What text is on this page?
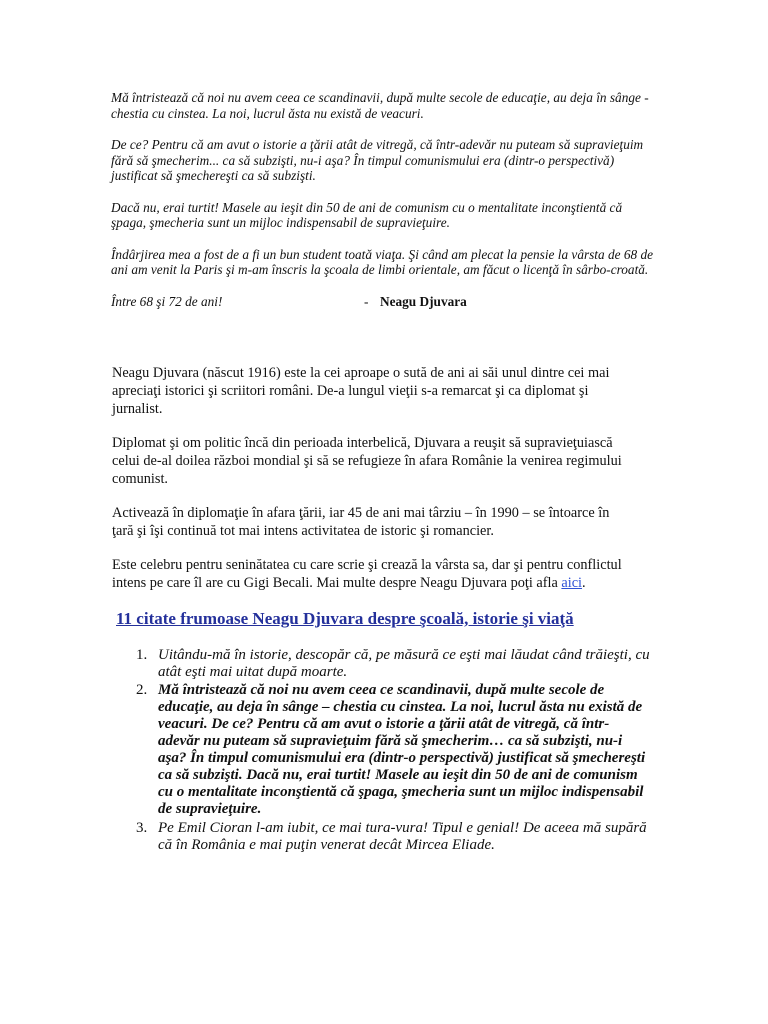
Mă întristează că noi nu avem ceea ce scandinavii, după multe secole de educaţie, au deja în sânge -
chestia cu cinstea. La noi, lucrul ăsta nu există de veacuri.

De ce? Pentru că am avut o istorie a ţării atât de vitregă, că într-adevăr nu puteam să supravieţuim
fără să şmecherim... ca să subzişti, nu-i aşa? În timpul comunismului era (dintr-o perspectivă)
justificat să şmechereşti ca să subzişti.

Dacă nu, erai turtit! Masele au ieşit din 50 de ani de comunism cu o mentalitate inconştientă că
şpaga, şmecheria sunt un mijloc indispensabil de supravieţuire.

Îndârjirea mea a fost de a fi un bun student toată viaţa. Şi când am plecat la pensie la vârsta de 68 de
ani am venit la Paris şi m-am înscris la şcoala de limbi orientale, am făcut o licenţă în sârbo-croată.

Între 68 şi 72 de ani!	- Neagu Djuvara

Neagu Djuvara (născut 1916) este la cei aproape o sută de ani ai săi unul dintre cei mai
apreciaţi istorici şi scriitori români. De-a lungul vieţii s-a remarcat şi ca diplomat şi
jurnalist.

Diplomat şi om politic încă din perioada interbelică, Djuvara a reuşit să supravieţuiască
celui de-al doilea război mondial şi să se refugieze în afara Românie la venirea regimului
comunist.

Activează în diplomaţie în afara ţării, iar 45 de ani mai târziu – în 1990 – se întoarce în
ţară şi îşi continuă tot mai intens activitatea de istoric şi romancier.

Este celebru pentru seninătatea cu care scrie şi crează la vârsta sa, dar şi pentru conflictul
intens pe care îl are cu Gigi Becali. Mai multe despre Neagu Djuvara poţi afla aici.

11 citate frumoase Neagu Djuvara despre şcoală, istorie şi viaţă
1. Uitându-mă în istorie, descopăr că, pe măsură ce eşti mai lăudat când trăieşti, cu
atât eşti mai uitat după moarte.
2. Mă întristează că noi nu avem ceea ce scandinavii, după multe secole de
educaţie, au deja în sânge – chestia cu cinstea. La noi, lucrul ăsta nu există de
veacuri. De ce? Pentru că am avut o istorie a ţării atât de vitregă, că într-
adevăr nu puteam să supravieţuim fără să şmecherim… ca să subzişti, nu-i
aşa? În timpul comunismului era (dintr-o perspectivă) justificat să şmechereşti
ca să subzişti. Dacă nu, erai turtit! Masele au ieşit din 50 de ani de comunism
cu o mentalitate inconştientă că şpaga, şmecheria sunt un mijloc indispensabil
de supravieţuire.
3. Pe Emil Cioran l-am iubit, ce mai tura-vura! Tipul e genial! De aceea mă supără
că în România e mai puţin venerat decât Mircea Eliade.
